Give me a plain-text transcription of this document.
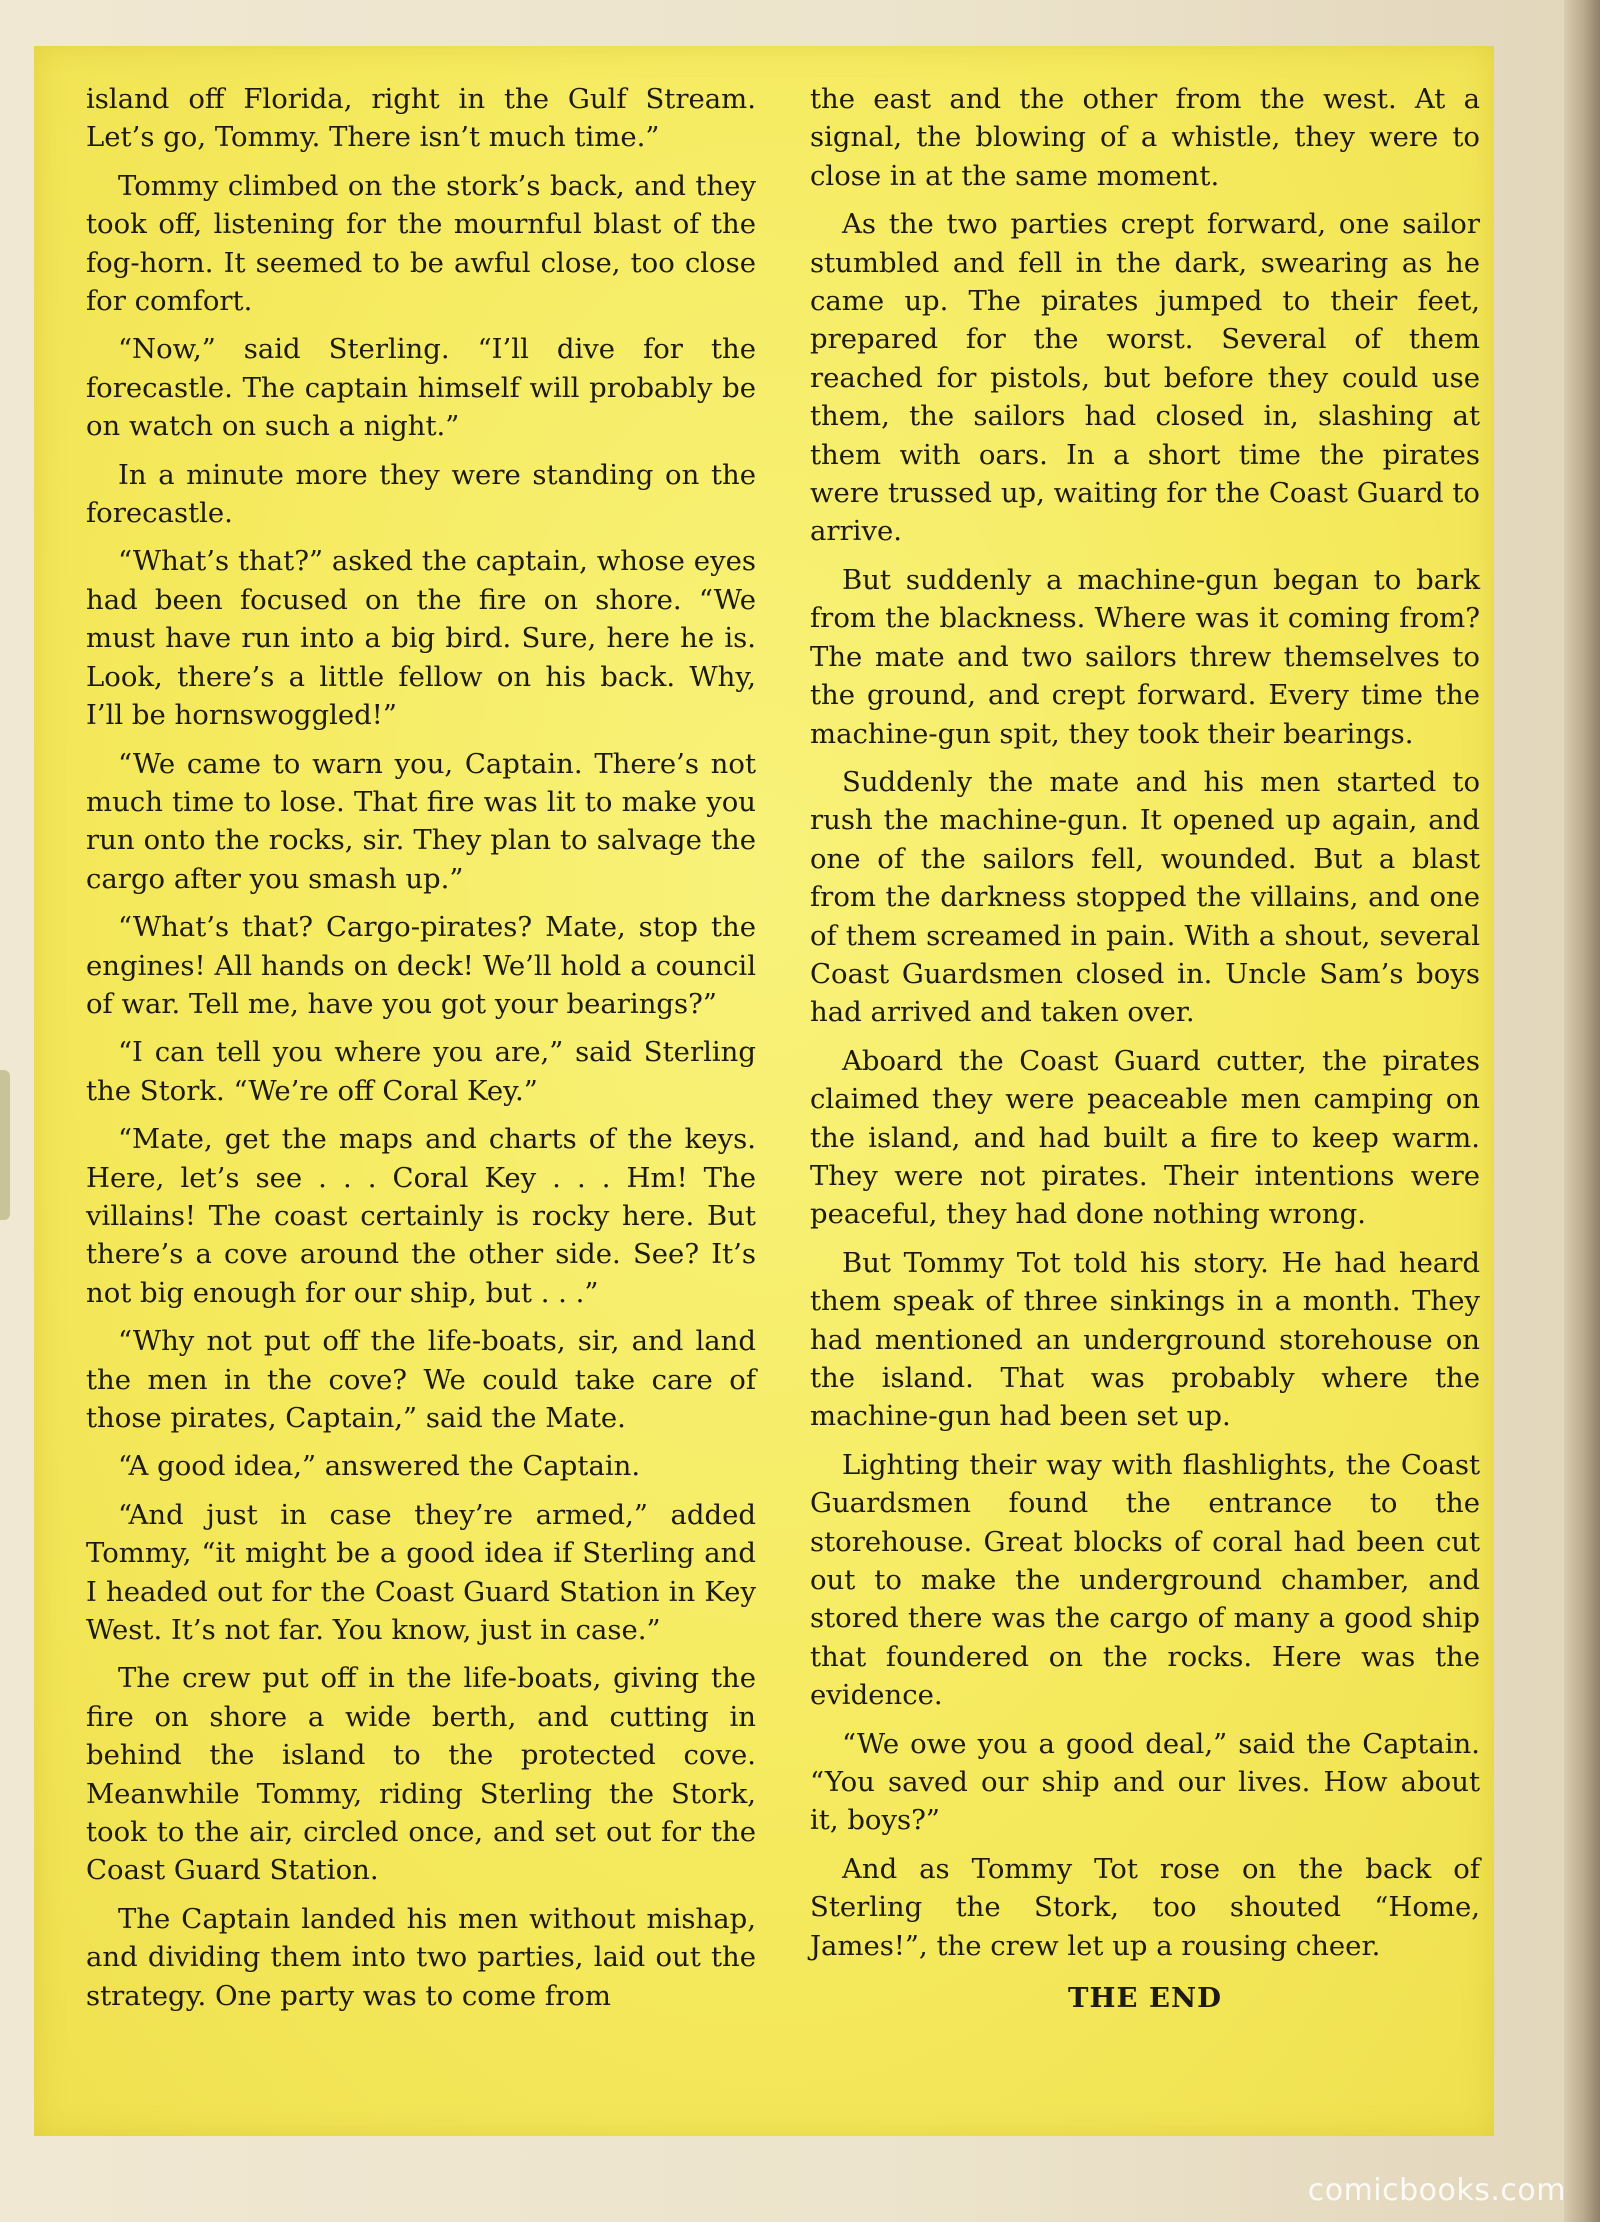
island off Florida, right in the Gulf Stream. Let’s go, Tommy. There isn’t much time.”

Tommy climbed on the stork’s back, and they took off, listening for the mournful blast of the fog-horn. It seemed to be awful close, too close for comfort.

“Now,” said Sterling. “I’ll dive for the forecastle. The captain himself will probably be on watch on such a night.”

In a minute more they were standing on the forecastle.

“What’s that?” asked the captain, whose eyes had been focused on the fire on shore. “We must have run into a big bird. Sure, here he is. Look, there’s a little fellow on his back. Why, I’ll be hornswoggled!”

“We came to warn you, Captain. There’s not much time to lose. That fire was lit to make you run onto the rocks, sir. They plan to salvage the cargo after you smash up.”

“What’s that? Cargo-pirates? Mate, stop the engines! All hands on deck! We’ll hold a council of war. Tell me, have you got your bearings?”

“I can tell you where you are,” said Sterling the Stork. “We’re off Coral Key.”

“Mate, get the maps and charts of the keys. Here, let’s see . . . Coral Key . . . Hm! The villains! The coast certainly is rocky here. But there’s a cove around the other side. See? It’s not big enough for our ship, but . . .”

“Why not put off the life-boats, sir, and land the men in the cove? We could take care of those pirates, Captain,” said the Mate.

“A good idea,” answered the Captain.

“And just in case they’re armed,” added Tommy, “it might be a good idea if Sterling and I headed out for the Coast Guard Station in Key West. It’s not far. You know, just in case.”

The crew put off in the life-boats, giving the fire on shore a wide berth, and cutting in behind the island to the protected cove. Meanwhile Tommy, riding Sterling the Stork, took to the air, circled once, and set out for the Coast Guard Station.

The Captain landed his men without mishap, and dividing them into two parties, laid out the strategy. One party was to come from

the east and the other from the west. At a signal, the blowing of a whistle, they were to close in at the same moment.

As the two parties crept forward, one sailor stumbled and fell in the dark, swearing as he came up. The pirates jumped to their feet, prepared for the worst. Several of them reached for pistols, but before they could use them, the sailors had closed in, slashing at them with oars. In a short time the pirates were trussed up, waiting for the Coast Guard to arrive.

But suddenly a machine-gun began to bark from the blackness. Where was it coming from? The mate and two sailors threw themselves to the ground, and crept forward. Every time the machine-gun spit, they took their bearings.

Suddenly the mate and his men started to rush the machine-gun. It opened up again, and one of the sailors fell, wounded. But a blast from the darkness stopped the villains, and one of them screamed in pain. With a shout, several Coast Guardsmen closed in. Uncle Sam’s boys had arrived and taken over.

Aboard the Coast Guard cutter, the pirates claimed they were peaceable men camping on the island, and had built a fire to keep warm. They were not pirates. Their intentions were peaceful, they had done nothing wrong.

But Tommy Tot told his story. He had heard them speak of three sinkings in a month. They had mentioned an underground storehouse on the island. That was probably where the machine-gun had been set up.

Lighting their way with flashlights, the Coast Guardsmen found the entrance to the storehouse. Great blocks of coral had been cut out to make the underground chamber, and stored there was the cargo of many a good ship that foundered on the rocks. Here was the evidence.

“We owe you a good deal,” said the Captain. “You saved our ship and our lives. How about it, boys?”

And as Tommy Tot rose on the back of Sterling the Stork, too shouted “Home, James!”, the crew let up a rousing cheer.

THE END

comicbooks.com
